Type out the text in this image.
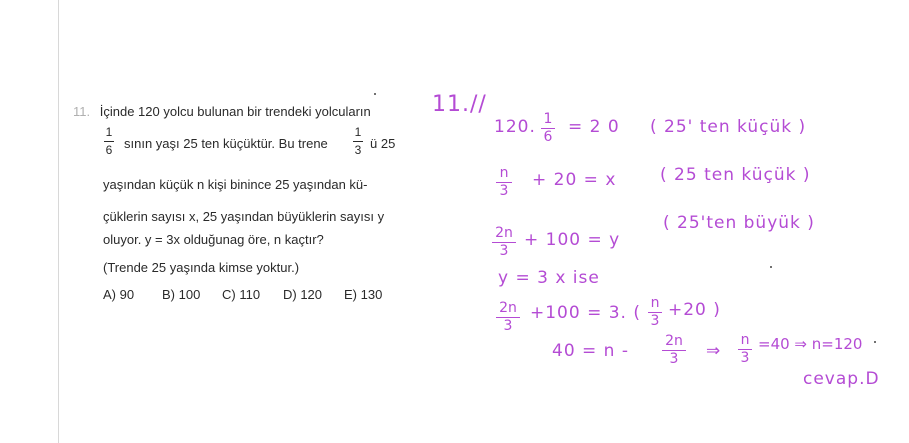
11. İçinde 120 yolcu bulunan bir trendeki yolcuların
1
6 sının yaşı 25 ten küçüktür. Bu trene
1
3 ü 25
yaşından küçük n kişi binince 25 yaşından kü-
çüklerin sayısı x, 25 yaşından büyüklerin sayısı y
oluyor. y = 3x olduğunag öre, n kaçtır?
(Trende 25 yaşında kimse yoktur.)
A) 90 B) 100 C) 110 D) 120 E) 130
11.//
120. 1
6 = 2 0 ( 25' ten küçük )
n
3
+ 20 = x	( 25 ten küçük )
2n
3
+ 100 = y
( 25'ten büyük )
y = 3 x ise
2n
3
+100 = 3. ( n
3
+20 )
40 = n -	2n
3	⇒
n
3
=40 ⇒ n=120
cevap.D
